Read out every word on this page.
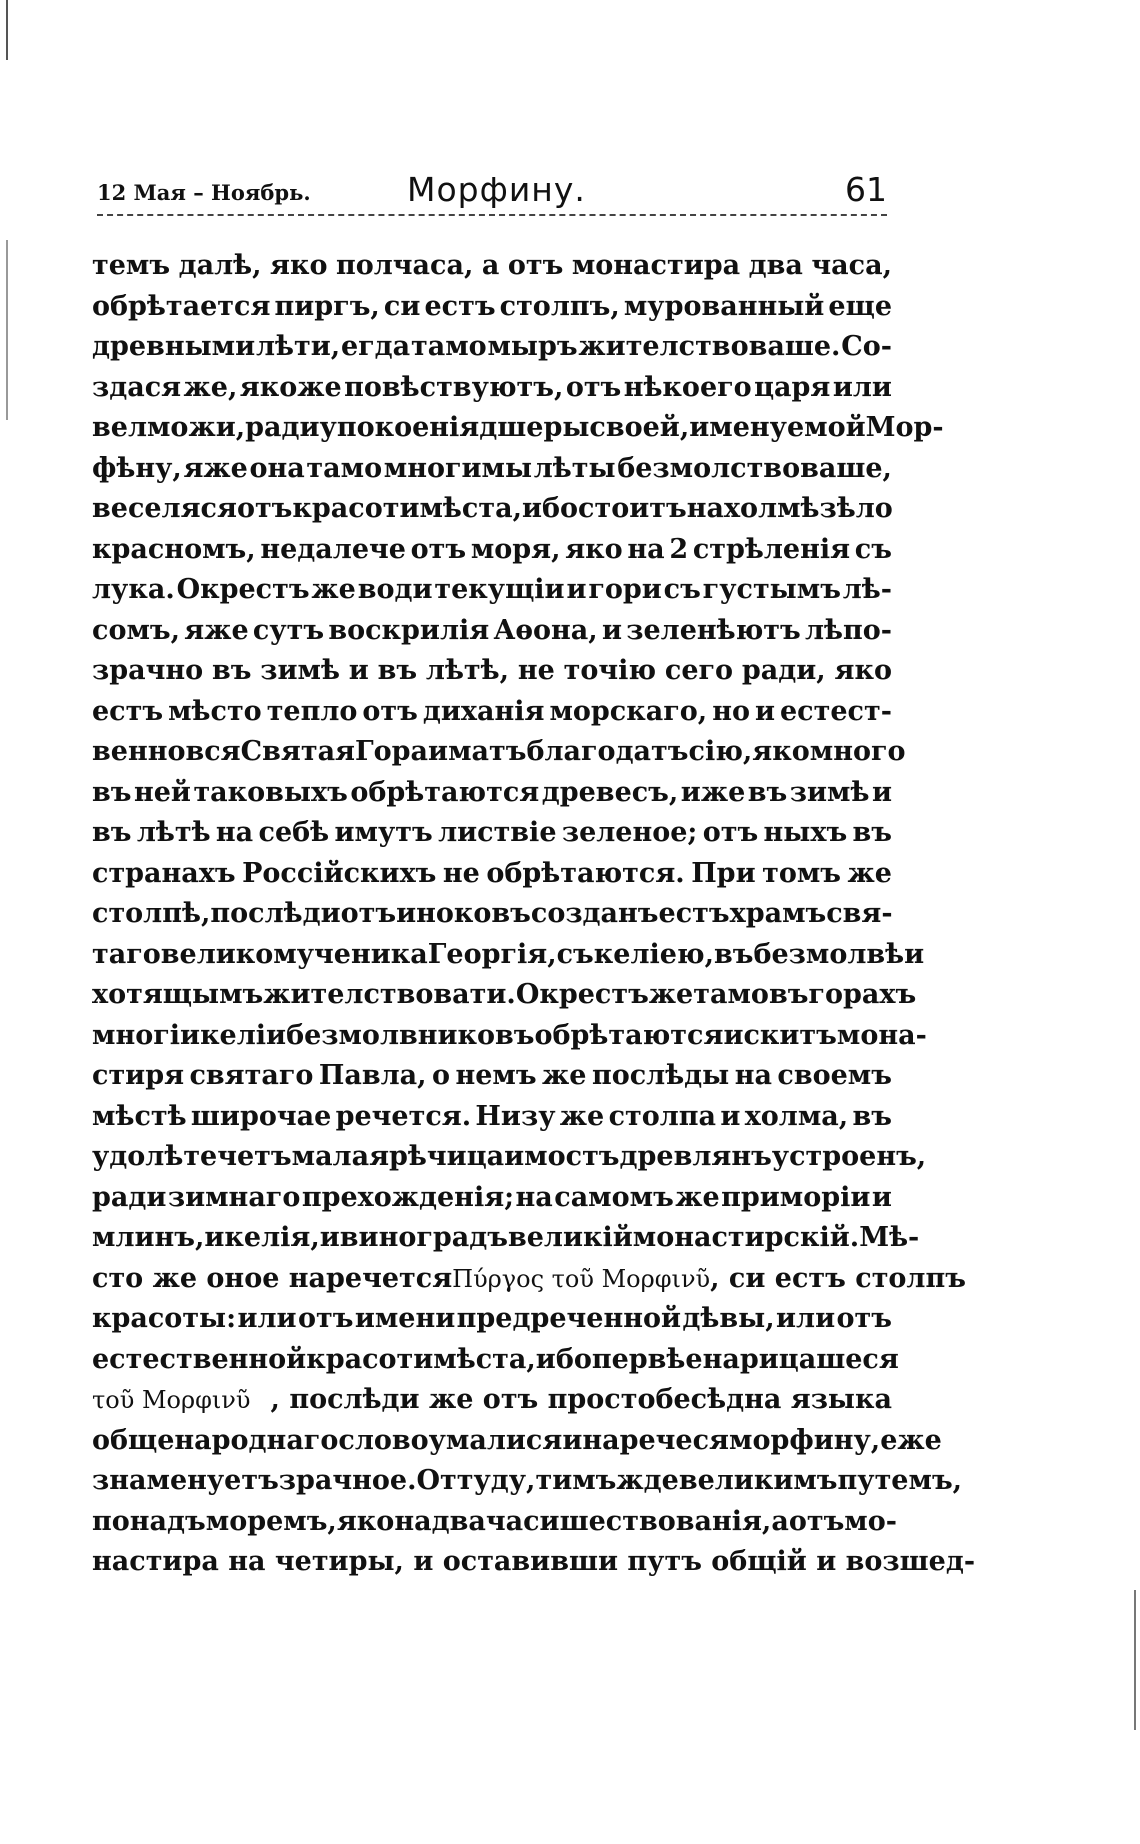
12 Мая – Ноябрь.	Морфину.	61
темъ далѣ, яко полчаса, а отъ монастира два часа,
обрѣтается пиргъ, си естъ столпъ, мурованный еще
древными лѣти, егда тамо мыръ жителствоваше. Со-
здася же, якоже повѣствуютъ, отъ нѣкоего царя или
велможи, ради упокоенiя дшеры своей, именуемой Мор-
фѣну, яже она тамо многимы лѣты безмолствоваше,
веселяся отъ красоти мѣста, ибо стоитъ на холмѣ зѣло
красномъ, недалече отъ моря, яко на 2 стрѣленiя съ
лука. Окрестъ же води текущiи и гори съ густымъ лѣ-
сомъ, яже сутъ воскрилiя Аѳона, и зеленѣютъ лѣпо-
зрачно въ зимѣ и въ лѣтѣ, не точiю сего ради, яко
естъ мѣсто тепло отъ диханiя морскаго, но и естест-
венно вся Святая Гора иматъ благодатъ сiю, яко много
въ ней таковыхъ обрѣтаются древесъ, иже въ зимѣ и
въ лѣтѣ на себѣ имутъ листвiе зеленое; отъ ныхъ въ
странахъ Россiйскихъ не обрѣтаются. При томъ же
столпѣ, послѣди отъ иноковъ созданъ естъ храмъ свя-
таго великомученика Георгiя, съ келiею, въ безмолвѣи
хотящымъ жителствовати. Окрестъ же тамо въ горахъ
многiи келiи безмолвниковъ обрѣтаются и скитъ мона-
стиря святаго Павла, о немъ же послѣды на своемъ
мѣстѣ широчае речется. Низу же столпа и холма, въ
удолѣ течетъ малая рѣчица и мостъ древлянъ устроенъ,
ради зимнаго прехожденiя; на самомъ же приморiи и
млинъ, и келiя, и виноградъ великiй монастирскiй. Мѣ-
сто же оное наречется Πύργος τοῦ Μορφινῦ , си естъ столпъ
красоты: или отъ имени предреченной дѣвы, или отъ
естественной красоти мѣста, ибо первѣе нарицашеся
τοῦ Μορφινῦ , послѣди же отъ простобесѣдна языка
общенароднаго слово умалися и наречеся морфину, еже
знаменуетъ зрачное. Оттуду, тимъжде великимъ путемъ,
понадъ моремъ, яко на два часи шествованiя, а отъ мо-
настира на четиры, и оставивши путъ общiй и возшед-
